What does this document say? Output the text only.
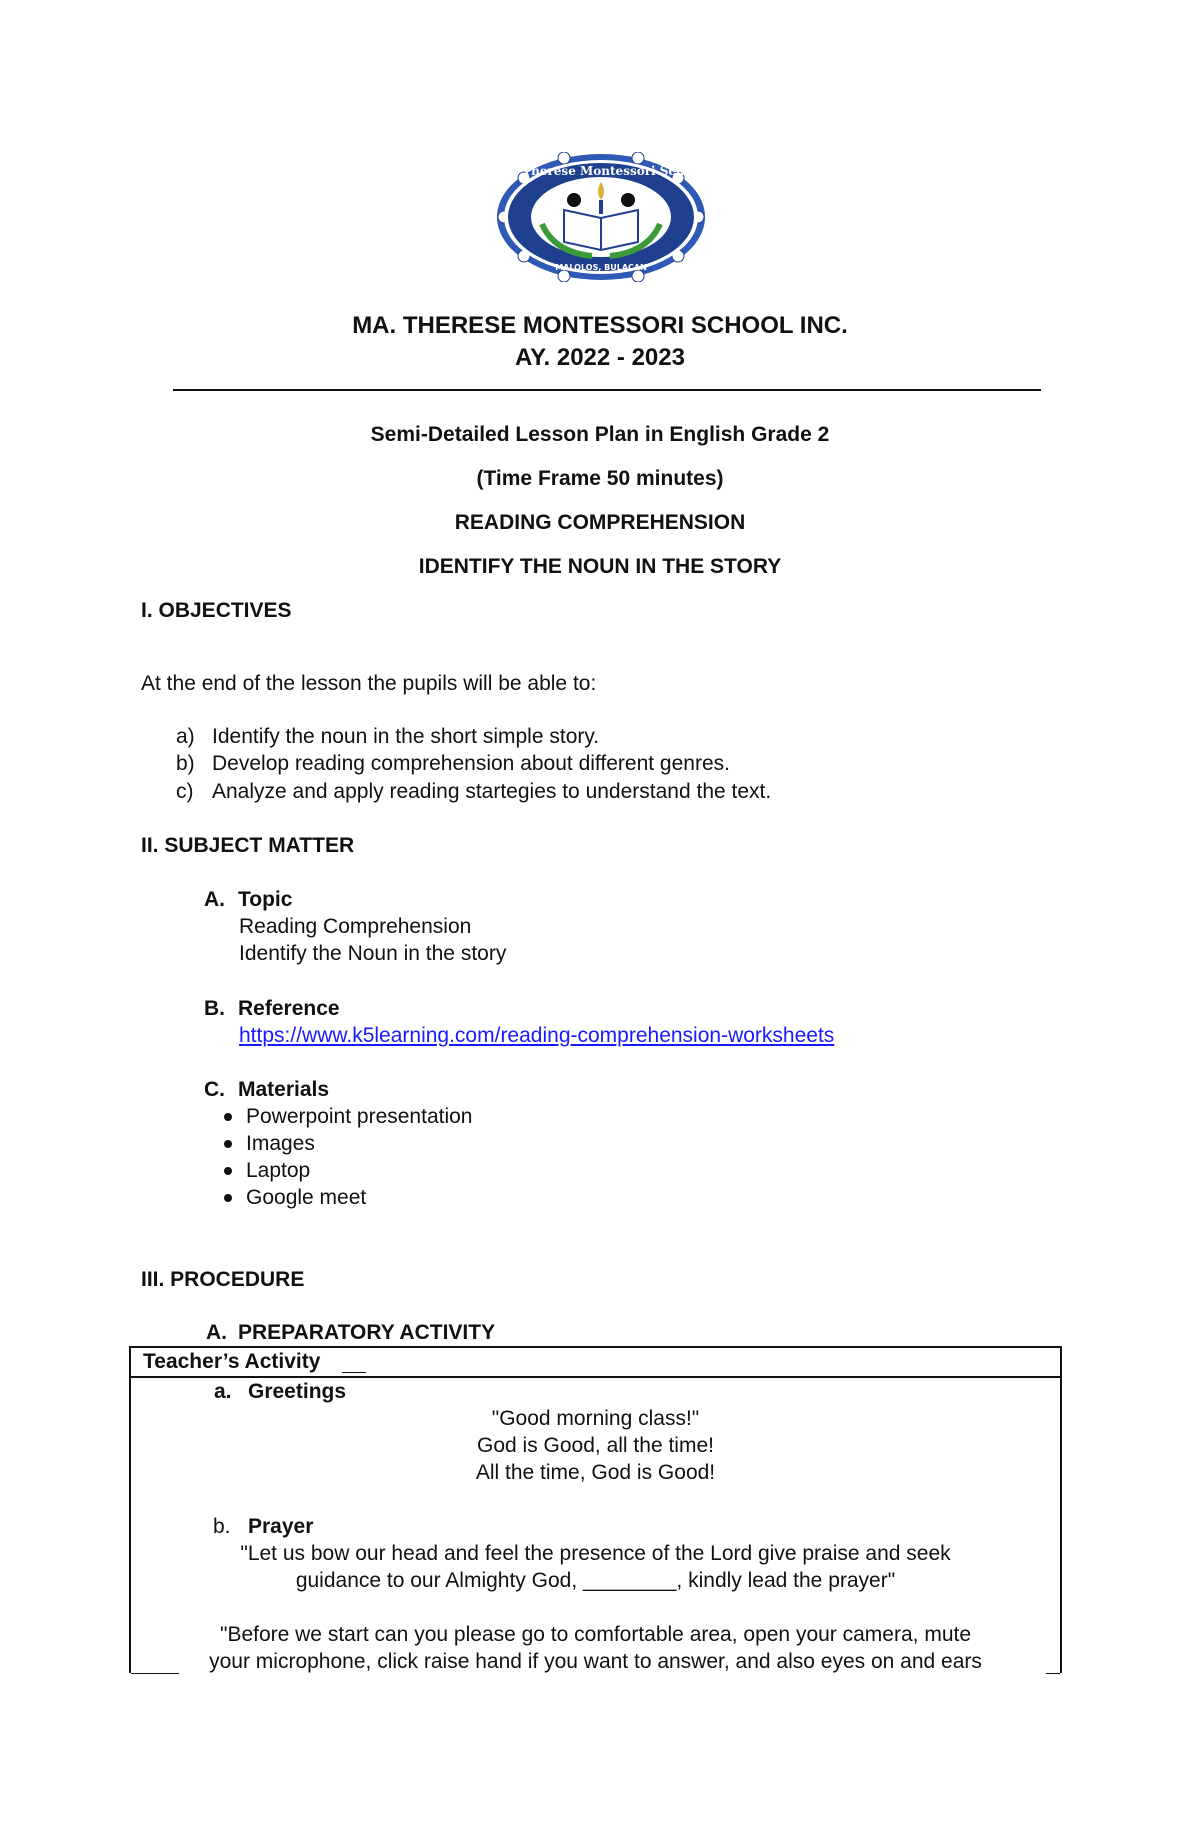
Ma Therese Montessori School
MALOLOS, BULACAN
1991
MA. THERESE MONTESSORI SCHOOL INC.
AY. 2022 - 2023
Semi-Detailed Lesson Plan in English Grade 2
(Time Frame 50 minutes)
READING COMPREHENSION
IDENTIFY THE NOUN IN THE STORY
I. OBJECTIVES
At the end of the lesson the pupils will be able to:
a) Identify the noun in the short simple story.
b) Develop reading comprehension about different genres.
c) Analyze and apply reading startegies to understand the text.
II. SUBJECT MATTER
A. Topic
Reading Comprehension
Identify the Noun in the story
B. Reference
https://www.k5learning.com/reading-comprehension-worksheets
C. Materials
Powerpoint presentation
Images
Laptop
Google meet
III. PROCEDURE
A. PREPARATORY ACTIVITY
Teacher’s Activity
a. Greetings
"Good morning class!"
God is Good, all the time!
All the time, God is Good!
b. Prayer
"Let us bow our head and feel the presence of the Lord give praise and seek
guidance to our Almighty God, ________, kindly lead the prayer"
"Before we start can you please go to comfortable area, open your camera, mute
your microphone, click raise hand if you want to answer, and also eyes on and ears
